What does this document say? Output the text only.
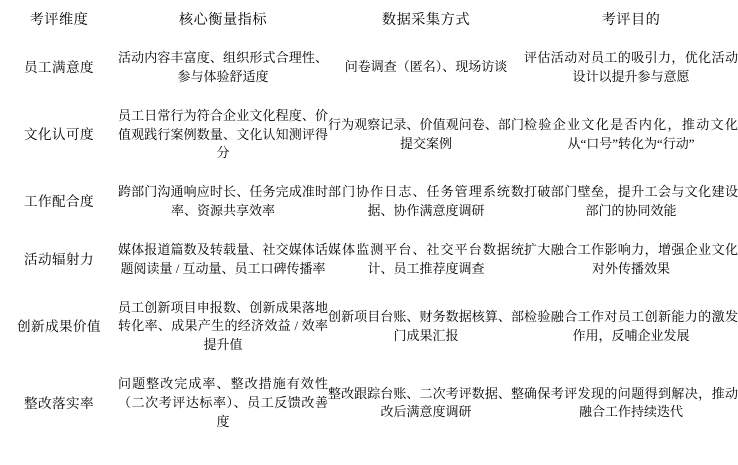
考评维度	核心衡量指标	数据采集方式	考评目的
员工满意度	活动内容丰富度、组织形式合理性、参与体验舒适度	问卷调查（匿名）、现场访谈	评估活动对员工的吸引力，优化活动设计以提升参与意愿
文化认可度	员工日常行为符合企业文化程度、价值观践行案例数量、文化认知测评得分	行为观察记录、价值观问卷、部门提交案例	检验企业文化是否内化，推动文化从“口号”转化为“行动”
工作配合度	跨部门沟通响应时长、任务完成准时率、资源共享效率	部门协作日志、任务管理系统数据、协作满意度调研	打破部门壁垒，提升工会与文化建设部门的协同效能
活动辐射力	媒体报道篇数及转载量、社交媒体话题阅读量 / 互动量、员工口碑传播率	媒体监测平台、社交平台数据统计、员工推荐度调查	扩大融合工作影响力，增强企业文化对外传播效果
创新成果价值	员工创新项目申报数、创新成果落地转化率、成果产生的经济效益 / 效率提升值	创新项目台账、财务数据核算、部门成果汇报	检验融合工作对员工创新能力的激发作用，反哺企业发展
整改落实率	问题整改完成率、整改措施有效性（二次考评达标率）、员工反馈改善度	整改跟踪台账、二次考评数据、整改后满意度调研	确保考评发现的问题得到解决，推动融合工作持续迭代
